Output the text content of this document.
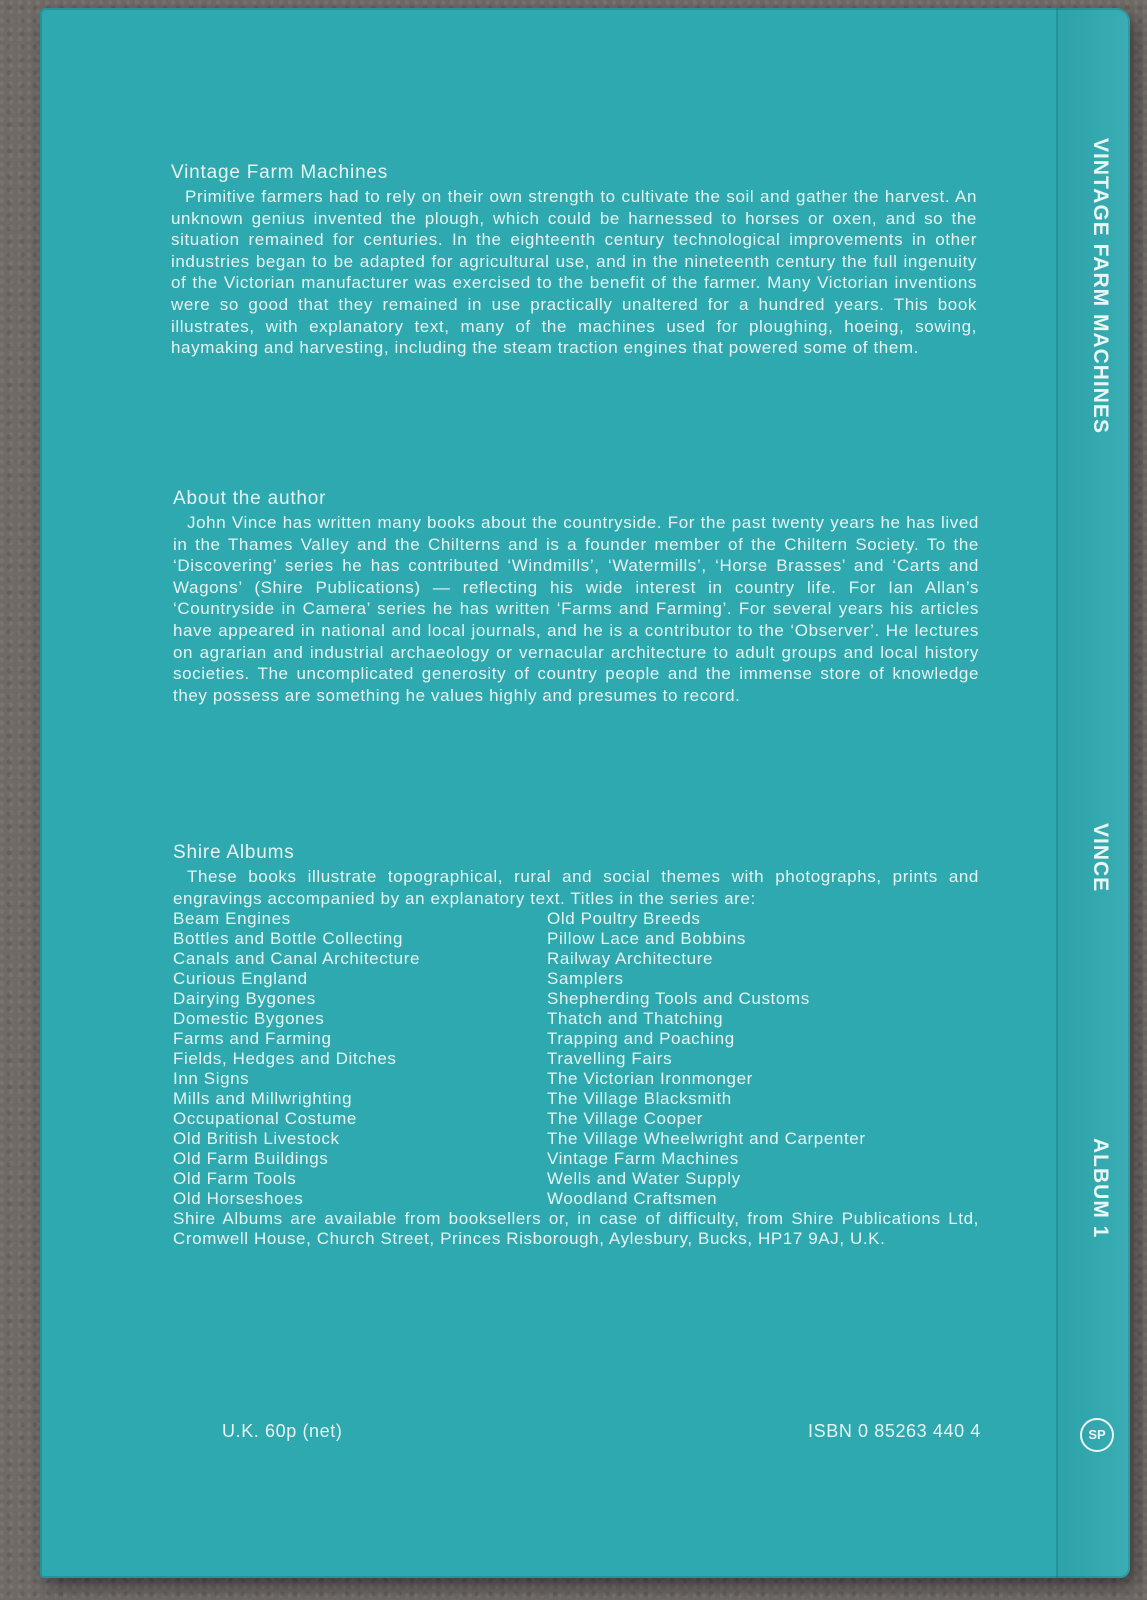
VINTAGE FARM MACHINES
VINCE
ALBUM 1
SP
Vintage Farm Machines

Primitive farmers had to rely on their own strength to cultivate the soil and gather the harvest. An unknown genius invented the plough, which could be harnessed to horses or oxen, and so the situation remained for centuries. In the eighteenth century technological improvements in other industries began to be adapted for agricultural use, and in the nineteenth century the full ingenuity of the Victorian manufacturer was exercised to the benefit of the farmer. Many Victorian inventions were so good that they remained in use practically unaltered for a hundred years. This book illustrates, with explanatory text, many of the machines used for ploughing, hoeing, sowing, haymaking and harvesting, including the steam traction engines that powered some of them.

About the author

John Vince has written many books about the countryside. For the past twenty years he has lived in the Thames Valley and the Chilterns and is a founder member of the Chiltern Society. To the ‘Discovering’ series he has contributed ‘Windmills’, ‘Watermills’, ‘Horse Brasses’ and ‘Carts and Wagons’ (Shire Publications) — reflecting his wide interest in country life. For Ian Allan’s ‘Countryside in Camera’ series he has written ‘Farms and Farming’. For several years his articles have appeared in national and local journals, and he is a contributor to the ‘Observer’. He lectures on agrarian and industrial archaeology or vernacular architecture to adult groups and local history societies. The uncomplicated generosity of country people and the immense store of knowledge they possess are something he values highly and presumes to record.

Shire Albums

These books illustrate topographical, rural and social themes with photographs, prints and engravings accompanied by an explanatory text. Titles in the series are:

Beam Engines
Bottles and Bottle Collecting
Canals and Canal Architecture
Curious England
Dairying Bygones
Domestic Bygones
Farms and Farming
Fields, Hedges and Ditches
Inn Signs
Mills and Millwrighting
Occupational Costume
Old British Livestock
Old Farm Buildings
Old Farm Tools
Old Horseshoes
Old Poultry Breeds
Pillow Lace and Bobbins
Railway Architecture
Samplers
Shepherding Tools and Customs
Thatch and Thatching
Trapping and Poaching
Travelling Fairs
The Victorian Ironmonger
The Village Blacksmith
The Village Cooper
The Village Wheelwright and Carpenter
Vintage Farm Machines
Wells and Water Supply
Woodland Craftsmen

Shire Albums are available from booksellers or, in case of difficulty, from Shire Publications Ltd, Cromwell House, Church Street, Princes Risborough, Aylesbury, Bucks, HP17 9AJ, U.K.

U.K. 60p (net)	ISBN 0 85263 440 4
